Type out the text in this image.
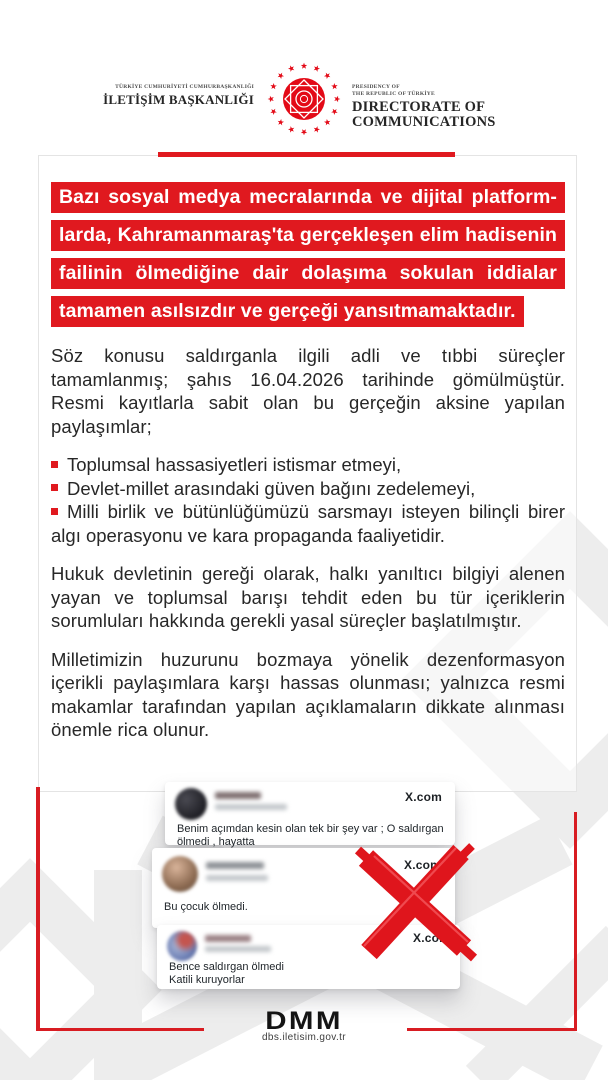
TÜRKİYE CUMHURİYETİ CUMHURBAŞKANLIĞI
İLETİŞİM BAŞKANLIĞI
PRESIDENCY OF
THE REPUBLIC OF TÜRKİYE
DIRECTORATE OF
COMMUNICATIONS
Bazı sosyal medya mecralarında ve dijital platform-
larda, Kahramanmaraş'ta gerçekleşen elim hadisenin
failinin ölmediğine dair dolaşıma sokulan iddialar
tamamen asılsızdır ve gerçeği yansıtmamaktadır.

Söz konusu saldırganla ilgili adli ve tıbbi süreçler tamamlanmış; şahıs 16.04.2026 tarihinde gömülmüştür. Resmi kayıtlarla sabit olan bu gerçeğin aksine yapılan paylaşımlar;

Toplumsal hassasiyetleri istismar etmeyi,
Devlet-millet arasındaki güven bağını zedelemeyi,
Milli birlik ve bütünlüğümüzü sarsmayı isteyen bilinçli birer algı operasyonu ve kara propaganda faaliyetidir.

Hukuk devletinin gereği olarak, halkı yanıltıcı bilgiyi alenen yayan ve toplumsal barışı tehdit eden bu tür içeriklerin sorumluları hakkında gerekli yasal süreçler başlatılmıştır.

Milletimizin huzurunu bozmaya yönelik dezenformasyon içerikli paylaşımlara karşı hassas olunması; yalnızca resmi makamlar tarafından yapılan açıklamaların dikkate alınması önemle rica olunur.

X.com
Benim açımdan kesin olan tek bir şey var ; O saldırgan ölmedi , hayatta
X.com
Bu çocuk ölmedi.
X.com
Bence saldırgan ölmedi
Katili kuruyorlar
DMM
dbs.iletisim.gov.tr
